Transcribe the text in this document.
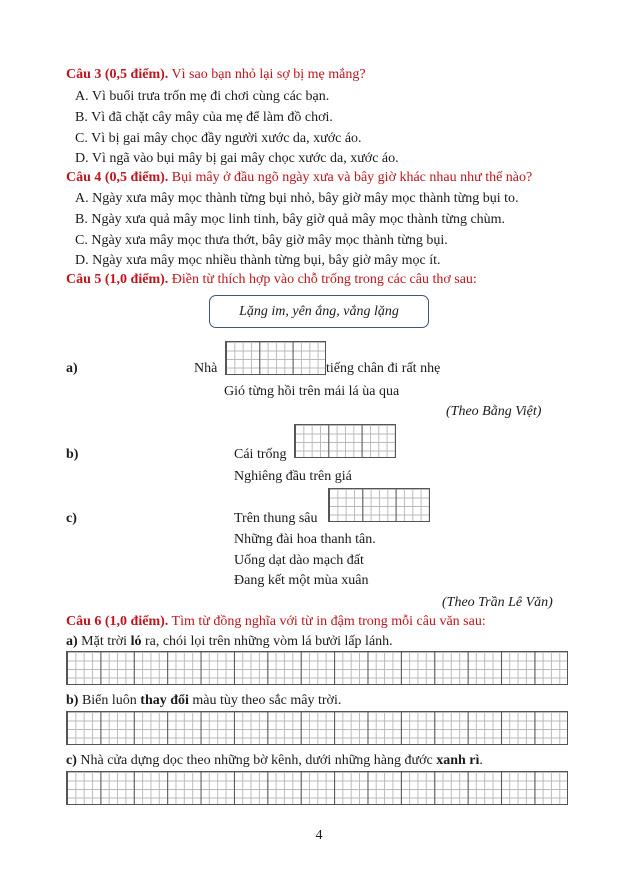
Câu 3 (0,5 điểm). Vì sao bạn nhỏ lại sợ bị mẹ mắng?
A. Vì buổi trưa trốn mẹ đi chơi cùng các bạn.
B. Vì đã chặt cây mây của mẹ để làm đồ chơi.
C. Vì bị gai mây chọc đầy người xước da, xước áo.
D. Vì ngã vào bụi mây bị gai mây chọc xước da, xước áo.
Câu 4 (0,5 điểm). Bụi mây ở đầu ngõ ngày xưa và bây giờ khác nhau như thế nào?
A. Ngày xưa mây mọc thành từng bụi nhỏ, bây giờ mây mọc thành từng bụi to.
B. Ngày xưa quả mây mọc linh tinh, bây giờ quả mây mọc thành từng chùm.
C. Ngày xưa mây mọc thưa thớt, bây giờ mây mọc thành từng bụi.
D. Ngày xưa mây mọc nhiều thành từng bụi, bây giờ mây mọc ít.
Câu 5 (1,0 điểm). Điền từ thích hợp vào chỗ trống trong các câu thơ sau:
Lặng im, yên ắng, vắng lặng
a)	Nhà	tiếng chân đi rất nhẹ
Gió từng hồi trên mái lá ùa qua
(Theo Bằng Việt)
b)	Cái trống
Nghiêng đầu trên giá
c)	Trên thung sâu
Những đài hoa thanh tân.
Uống dạt dào mạch đất
Đang kết một mùa xuân
(Theo Trần Lê Văn)
Câu 6 (1,0 điểm). Tìm từ đồng nghĩa với từ in đậm trong mỗi câu văn sau:
a) Mặt trời ló ra, chói lọi trên những vòm lá bưởi lấp lánh.
b) Biển luôn thay đổi màu tùy theo sắc mây trời.
c) Nhà cửa dựng dọc theo những bờ kênh, dưới những hàng đước xanh rì.
4
